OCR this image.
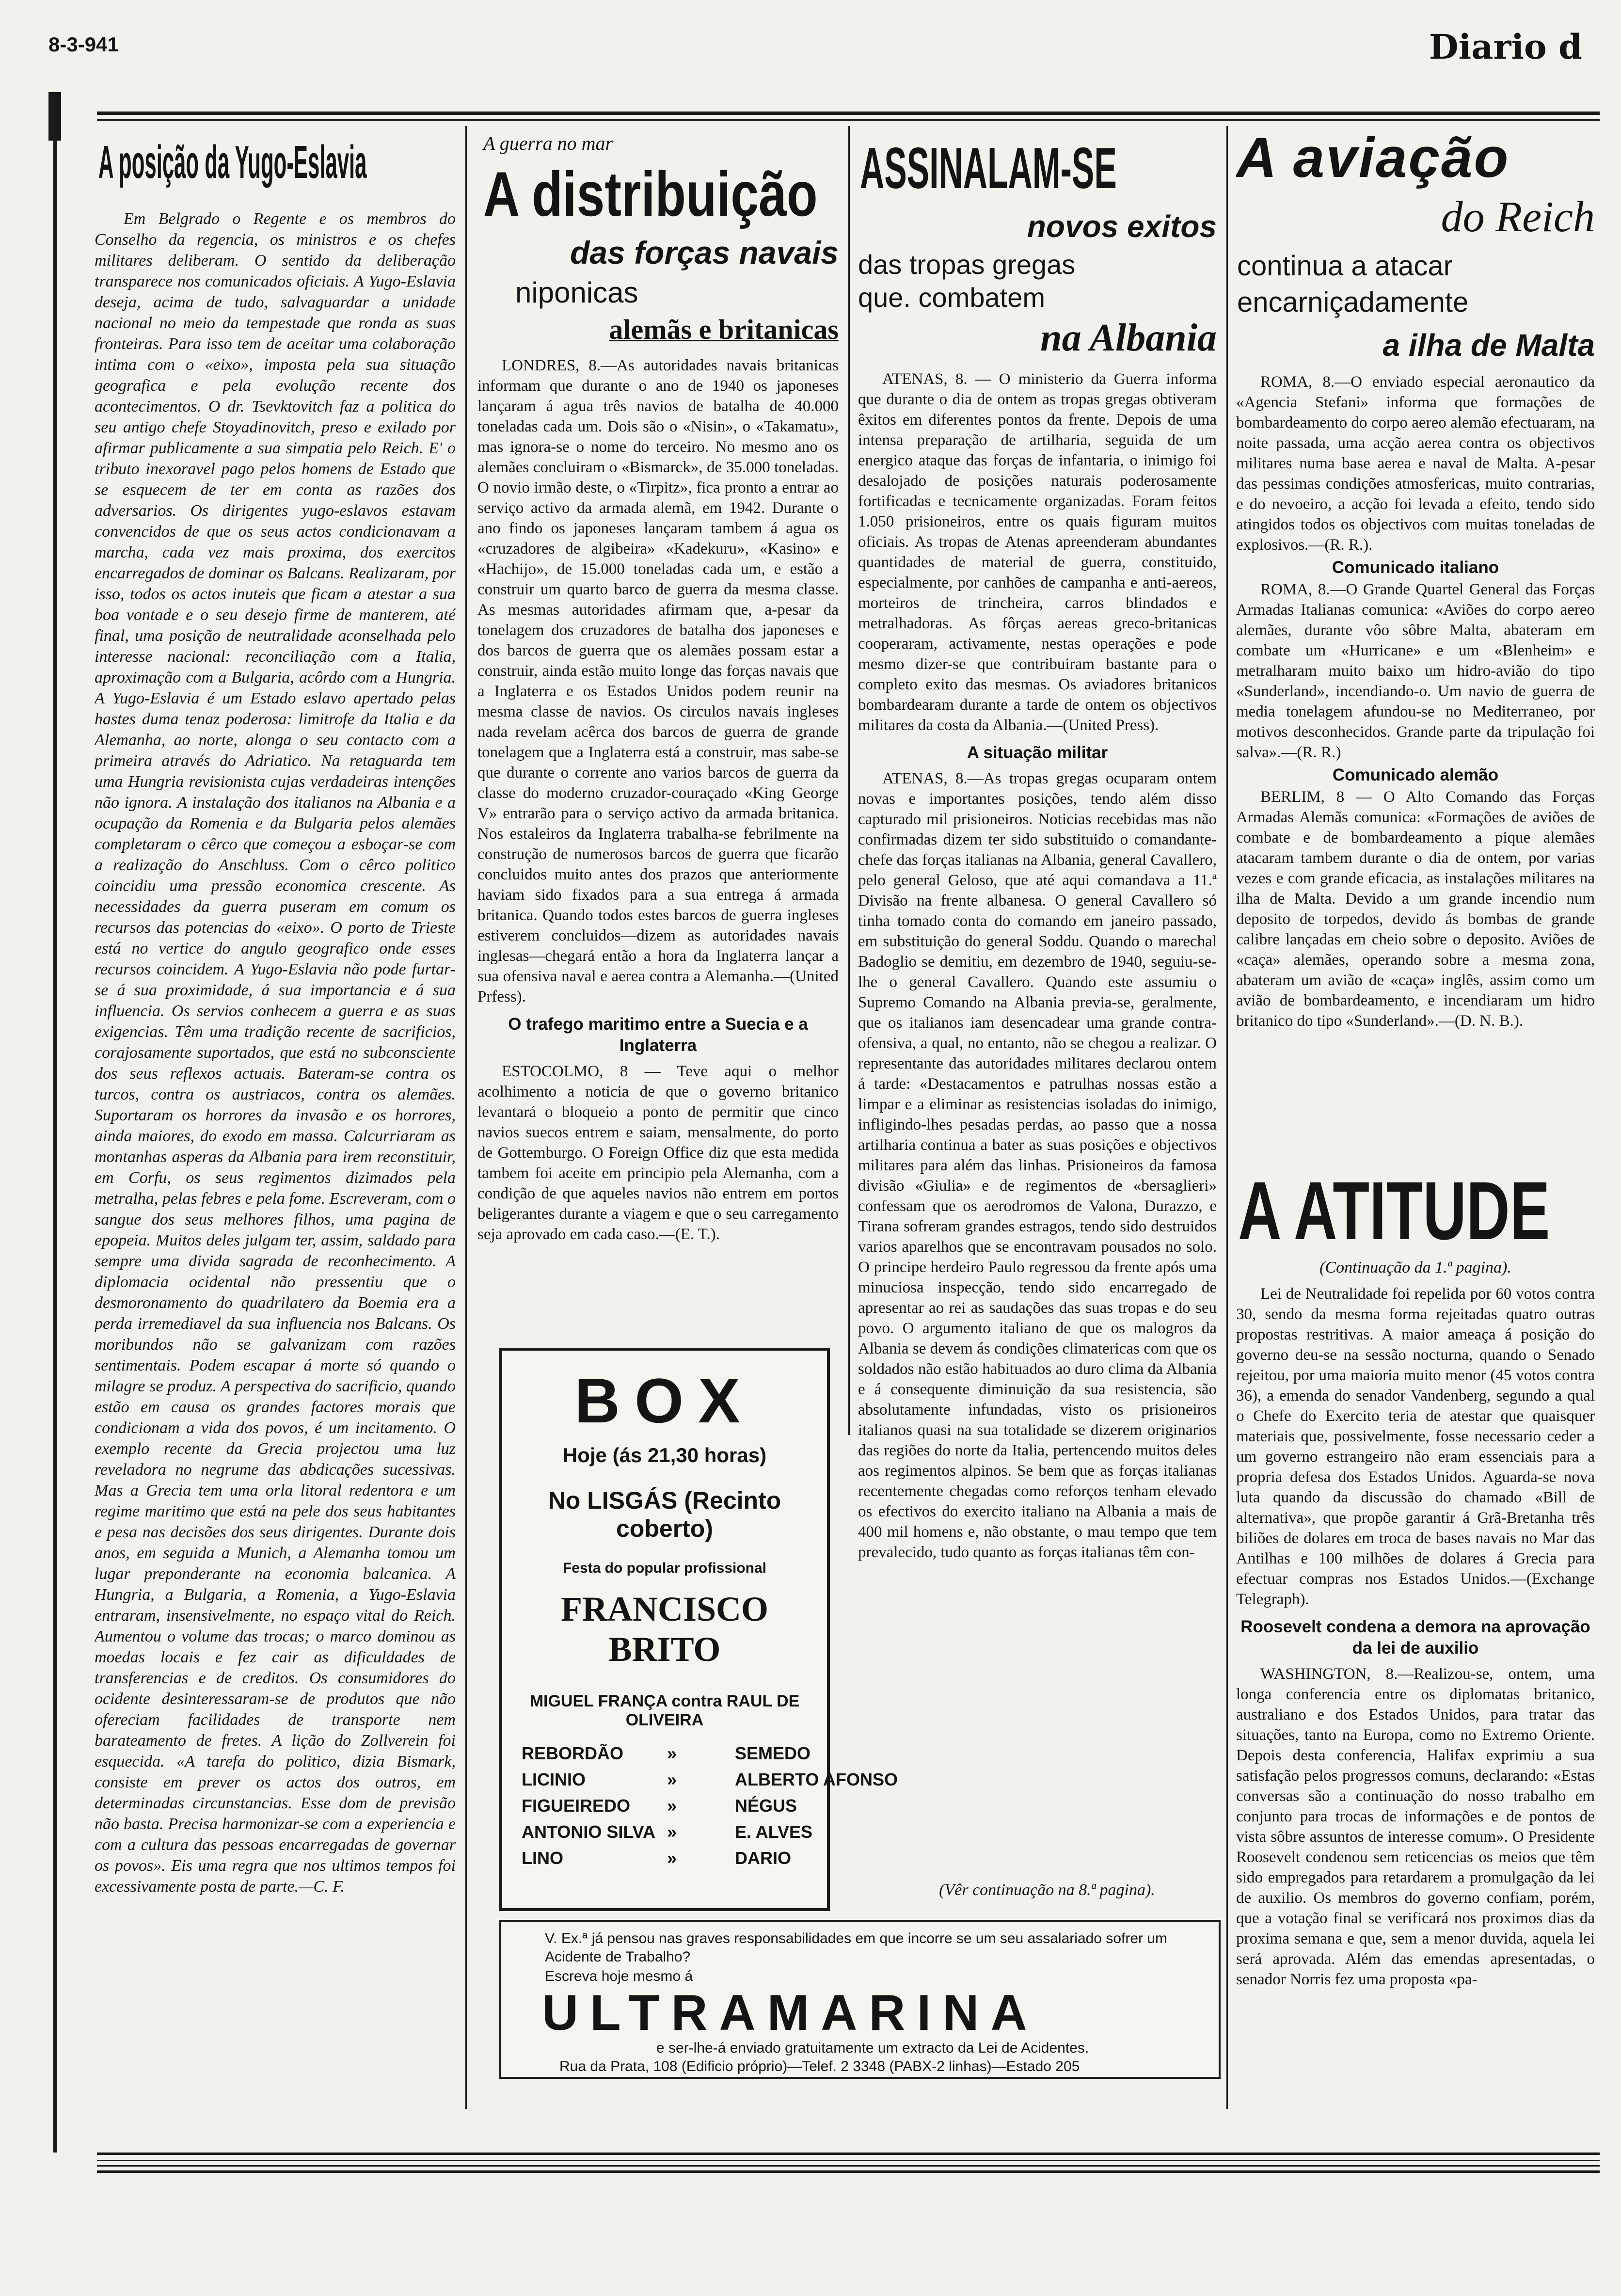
8-3-941	Diario d
A posição da Yugo-Eslavia

Em Belgrado o Regente e os membros do Conselho da regencia, os ministros e os chefes militares deliberam. O sentido da deliberação transparece nos comunicados oficiais. A Yugo-Eslavia deseja, acima de tudo, salvaguardar a unidade nacional no meio da tempestade que ronda as suas fronteiras. Para isso tem de aceitar uma colaboração intima com o «eixo», imposta pela sua situação geografica e pela evolução recente dos acontecimentos. O dr. Tsevktovitch faz a politica do seu antigo chefe Stoyadinovitch, preso e exilado por afirmar publicamente a sua simpatia pelo Reich. E' o tributo inexoravel pago pelos homens de Estado que se esquecem de ter em conta as razões dos adversarios. Os dirigentes yugo-eslavos estavam convencidos de que os seus actos condicionavam a marcha, cada vez mais proxima, dos exercitos encarregados de dominar os Balcans. Realizaram, por isso, todos os actos inuteis que ficam a atestar a sua boa vontade e o seu desejo firme de manterem, até final, uma posição de neutralidade aconselhada pelo interesse nacional: reconciliação com a Italia, aproximação com a Bulgaria, acôrdo com a Hungria. A Yugo-Eslavia é um Estado eslavo apertado pelas hastes duma tenaz poderosa: limitrofe da Italia e da Alemanha, ao norte, alonga o seu contacto com a primeira através do Adriatico. Na retaguarda tem uma Hungria revisionista cujas verdadeiras intenções não ignora. A instalação dos italianos na Albania e a ocupação da Romenia e da Bulgaria pelos alemães completaram o cêrco que começou a esboçar-se com a realização do Anschluss. Com o cêrco politico coincidiu uma pressão economica crescente. As necessidades da guerra puseram em comum os recursos das potencias do «eixo». O porto de Trieste está no vertice do angulo geografico onde esses recursos coincidem. A Yugo-Eslavia não pode furtar-se á sua proximidade, á sua importancia e á sua influencia. Os servios conhecem a guerra e as suas exigencias. Têm uma tradição recente de sacrificios, corajosamente suportados, que está no subconsciente dos seus reflexos actuais. Bateram-se contra os turcos, contra os austriacos, contra os alemães. Suportaram os horrores da invasão e os horrores, ainda maiores, do exodo em massa. Calcurriaram as montanhas asperas da Albania para irem reconstituir, em Corfu, os seus regimentos dizimados pela metralha, pelas febres e pela fome. Escreveram, com o sangue dos seus melhores filhos, uma pagina de epopeia. Muitos deles julgam ter, assim, saldado para sempre uma divida sagrada de reconhecimento. A diplomacia ocidental não pressentiu que o desmoronamento do quadrilatero da Boemia era a perda irremediavel da sua influencia nos Balcans. Os moribundos não se galvanizam com razões sentimentais. Podem escapar á morte só quando o milagre se produz. A perspectiva do sacrificio, quando estão em causa os grandes factores morais que condicionam a vida dos povos, é um incitamento. O exemplo recente da Grecia projectou uma luz reveladora no negrume das abdicações sucessivas. Mas a Grecia tem uma orla litoral redentora e um regime maritimo que está na pele dos seus habitantes e pesa nas decisões dos seus dirigentes. Durante dois anos, em seguida a Munich, a Alemanha tomou um lugar preponderante na economia balcanica. A Hungria, a Bulgaria, a Romenia, a Yugo-Eslavia entraram, insensivelmente, no espaço vital do Reich. Aumentou o volume das trocas; o marco dominou as moedas locais e fez cair as dificuldades de transferencias e de creditos. Os consumidores do ocidente desinteressaram-se de produtos que não ofereciam facilidades de transporte nem barateamento de fretes. A lição do Zollverein foi esquecida. «A tarefa do politico, dizia Bismark, consiste em prever os actos dos outros, em determinadas circunstancias. Esse dom de previsão não basta. Precisa harmonizar-se com a experiencia e com a cultura das pessoas encarregadas de governar os povos». Eis uma regra que nos ultimos tempos foi excessivamente posta de parte.—C. F.

A guerra no mar
A distribuição
das forças navais
niponicas
alemãs e britanicas

LONDRES, 8.—As autoridades navais britanicas informam que durante o ano de 1940 os japoneses lançaram á agua três navios de batalha de 40.000 toneladas cada um. Dois são o «Nisin», o «Takamatu», mas ignora-se o nome do terceiro. No mesmo ano os alemães concluiram o «Bismarck», de 35.000 toneladas. O novio irmão deste, o «Tirpitz», fica pronto a entrar ao serviço activo da armada alemã, em 1942. Durante o ano findo os japoneses lançaram tambem á agua os «cruzadores de algibeira» «Kadekuru», «Kasino» e «Hachijo», de 15.000 toneladas cada um, e estão a construir um quarto barco de guerra da mesma classe. As mesmas autoridades afirmam que, a-pesar da tonelagem dos cruzadores de batalha dos japoneses e dos barcos de guerra que os alemães possam estar a construir, ainda estão muito longe das forças navais que a Inglaterra e os Estados Unidos podem reunir na mesma classe de navios. Os circulos navais ingleses nada revelam acêrca dos barcos de guerra de grande tonelagem que a Inglaterra está a construir, mas sabe-se que durante o corrente ano varios barcos de guerra da classe do moderno cruzador-couraçado «King George V» entrarão para o serviço activo da armada britanica. Nos estaleiros da Inglaterra trabalha-se febrilmente na construção de numerosos barcos de guerra que ficarão concluidos muito antes dos prazos que anteriormente haviam sido fixados para a sua entrega á armada britanica. Quando todos estes barcos de guerra ingleses estiverem concluidos—dizem as autoridades navais inglesas—chegará então a hora da Inglaterra lançar a sua ofensiva naval e aerea contra a Alemanha.—(United Prfess).

O trafego maritimo entre a Suecia e a Inglaterra

ESTOCOLMO, 8 — Teve aqui o melhor acolhimento a noticia de que o governo britanico levantará o bloqueio a ponto de permitir que cinco navios suecos entrem e saiam, mensalmente, do porto de Gottemburgo. O Foreign Office diz que esta medida tambem foi aceite em principio pela Alemanha, com a condição de que aqueles navios não entrem em portos beligerantes durante a viagem e que o seu carregamento seja aprovado em cada caso.—(E. T.).

BOX
Hoje (ás 21,30 horas)
No LISGÁS (Recinto coberto)
Festa do popular profissional
FRANCISCO BRITO
MIGUEL FRANÇA contra RAUL DE OLIVEIRA
REBORDÃO	»	SEMEDO
LICINIO	»	ALBERTO AFONSO
FIGUEIREDO	»	NÉGUS
ANTONIO SILVA »	E. ALVES
LINO	»	DARIO
ASSINALAM-SE
novos exitos
das tropas gregas que. combatem
na Albania

ATENAS, 8. — O ministerio da Guerra informa que durante o dia de ontem as tropas gregas obtiveram êxitos em diferentes pontos da frente. Depois de uma intensa preparação de artilharia, seguida de um energico ataque das forças de infantaria, o inimigo foi desalojado de posições naturais poderosamente fortificadas e tecnicamente organizadas. Foram feitos 1.050 prisioneiros, entre os quais figuram muitos oficiais. As tropas de Atenas apreenderam abundantes quantidades de material de guerra, constituido, especialmente, por canhões de campanha e anti-aereos, morteiros de trincheira, carros blindados e metralhadoras. As fôrças aereas greco-britanicas cooperaram, activamente, nestas operações e pode mesmo dizer-se que contribuiram bastante para o completo exito das mesmas. Os aviadores britanicos bombardearam durante a tarde de ontem os objectivos militares da costa da Albania.—(United Press).

A situação militar

ATENAS, 8.—As tropas gregas ocuparam ontem novas e importantes posições, tendo além disso capturado mil prisioneiros. Noticias recebidas mas não confirmadas dizem ter sido substituido o comandante-chefe das forças italianas na Albania, general Cavallero, pelo general Geloso, que até aqui comandava a 11.ª Divisão na frente albanesa. O general Cavallero só tinha tomado conta do comando em janeiro passado, em substituição do general Soddu. Quando o marechal Badoglio se demitiu, em dezembro de 1940, seguiu-se-lhe o general Cavallero. Quando este assumiu o Supremo Comando na Albania previa-se, geralmente, que os italianos iam desencadear uma grande contra-ofensiva, a qual, no entanto, não se chegou a realizar. O representante das autoridades militares declarou ontem á tarde: «Destacamentos e patrulhas nossas estão a limpar e a eliminar as resistencias isoladas do inimigo, infligindo-lhes pesadas perdas, ao passo que a nossa artilharia continua a bater as suas posições e objectivos militares para além das linhas. Prisioneiros da famosa divisão «Giulia» e de regimentos de «bersaglieri» confessam que os aerodromos de Valona, Durazzo, e Tirana sofreram grandes estragos, tendo sido destruidos varios aparelhos que se encontravam pousados no solo. O principe herdeiro Paulo regressou da frente após uma minuciosa inspecção, tendo sido encarregado de apresentar ao rei as saudações das suas tropas e do seu povo. O argumento italiano de que os malogros da Albania se devem ás condições climatericas com que os soldados não estão habituados ao duro clima da Albania e á consequente diminuição da sua resistencia, são absolutamente infundadas, visto os prisioneiros italianos quasi na sua totalidade se dizerem originarios das regiões do norte da Italia, pertencendo muitos deles aos regimentos alpinos. Se bem que as forças italianas recentemente chegadas como reforços tenham elevado os efectivos do exercito italiano na Albania a mais de 400 mil homens e, não obstante, o mau tempo que tem prevalecido, tudo quanto as forças italianas têm con-

(Vêr continuação na 8.ª pagina).
V. Ex.ª já pensou nas graves responsabilidades em que incorre se um seu assalariado sofrer um Acidente de Trabalho?
Escreva hoje mesmo á
ULTRAMARINA
e ser-lhe-á enviado gratuitamente um extracto da Lei de Acidentes.
Rua da Prata, 108 (Edificio próprio)—Telef. 2 3348 (PABX-2 linhas)—Estado 205
A aviação
do Reich
continua a atacar
encarniçadamente
a ilha de Malta

ROMA, 8.—O enviado especial aeronautico da «Agencia Stefani» informa que formações de bombardeamento do corpo aereo alemão efectuaram, na noite passada, uma acção aerea contra os objectivos militares numa base aerea e naval de Malta. A-pesar das pessimas condições atmosfericas, muito contrarias, e do nevoeiro, a acção foi levada a efeito, tendo sido atingidos todos os objectivos com muitas toneladas de explosivos.—(R. R.).

Comunicado italiano

ROMA, 8.—O Grande Quartel General das Forças Armadas Italianas comunica: «Aviões do corpo aereo alemães, durante vôo sôbre Malta, abateram em combate um «Hurricane» e um «Blenheim» e metralharam muito baixo um hidro-avião do tipo «Sunderland», incendiando-o. Um navio de guerra de media tonelagem afundou-se no Mediterraneo, por motivos desconhecidos. Grande parte da tripulação foi salva».—(R. R.)

Comunicado alemão

BERLIM, 8 — O Alto Comando das Forças Armadas Alemãs comunica: «Formações de aviões de combate e de bombardeamento a pique alemães atacaram tambem durante o dia de ontem, por varias vezes e com grande eficacia, as instalações militares na ilha de Malta. Devido a um grande incendio num deposito de torpedos, devido ás bombas de grande calibre lançadas em cheio sobre o deposito. Aviões de «caça» alemães, operando sobre a mesma zona, abateram um avião de «caça» inglês, assim como um avião de bombardeamento, e incendiaram um hidro britanico do tipo «Sunderland».—(D. N. B.).

A ATITUDE
(Continuação da 1.ª pagina).

Lei de Neutralidade foi repelida por 60 votos contra 30, sendo da mesma forma rejeitadas quatro outras propostas restritivas. A maior ameaça á posição do governo deu-se na sessão nocturna, quando o Senado rejeitou, por uma maioria muito menor (45 votos contra 36), a emenda do senador Vandenberg, segundo a qual o Chefe do Exercito teria de atestar que quaisquer materiais que, possivelmente, fosse necessario ceder a um governo estrangeiro não eram essenciais para a propria defesa dos Estados Unidos. Aguarda-se nova luta quando da discussão do chamado «Bill de alternativa», que propõe garantir á Grã-Bretanha três biliões de dolares em troca de bases navais no Mar das Antilhas e 100 milhões de dolares á Grecia para efectuar compras nos Estados Unidos.—(Exchange Telegraph).

Roosevelt condena a demora na aprovação da lei de auxilio

WASHINGTON, 8.—Realizou-se, ontem, uma longa conferencia entre os diplomatas britanico, australiano e dos Estados Unidos, para tratar das situações, tanto na Europa, como no Extremo Oriente. Depois desta conferencia, Halifax exprimiu a sua satisfação pelos progressos comuns, declarando: «Estas conversas são a continuação do nosso trabalho em conjunto para trocas de informações e de pontos de vista sôbre assuntos de interesse comum». O Presidente Roosevelt condenou sem reticencias os meios que têm sido empregados para retardarem a promulgação da lei de auxilio. Os membros do governo confiam, porém, que a votação final se verificará nos proximos dias da proxima semana e que, sem a menor duvida, aquela lei será aprovada. Além das emendas apresentadas, o senador Norris fez uma proposta «pa-
